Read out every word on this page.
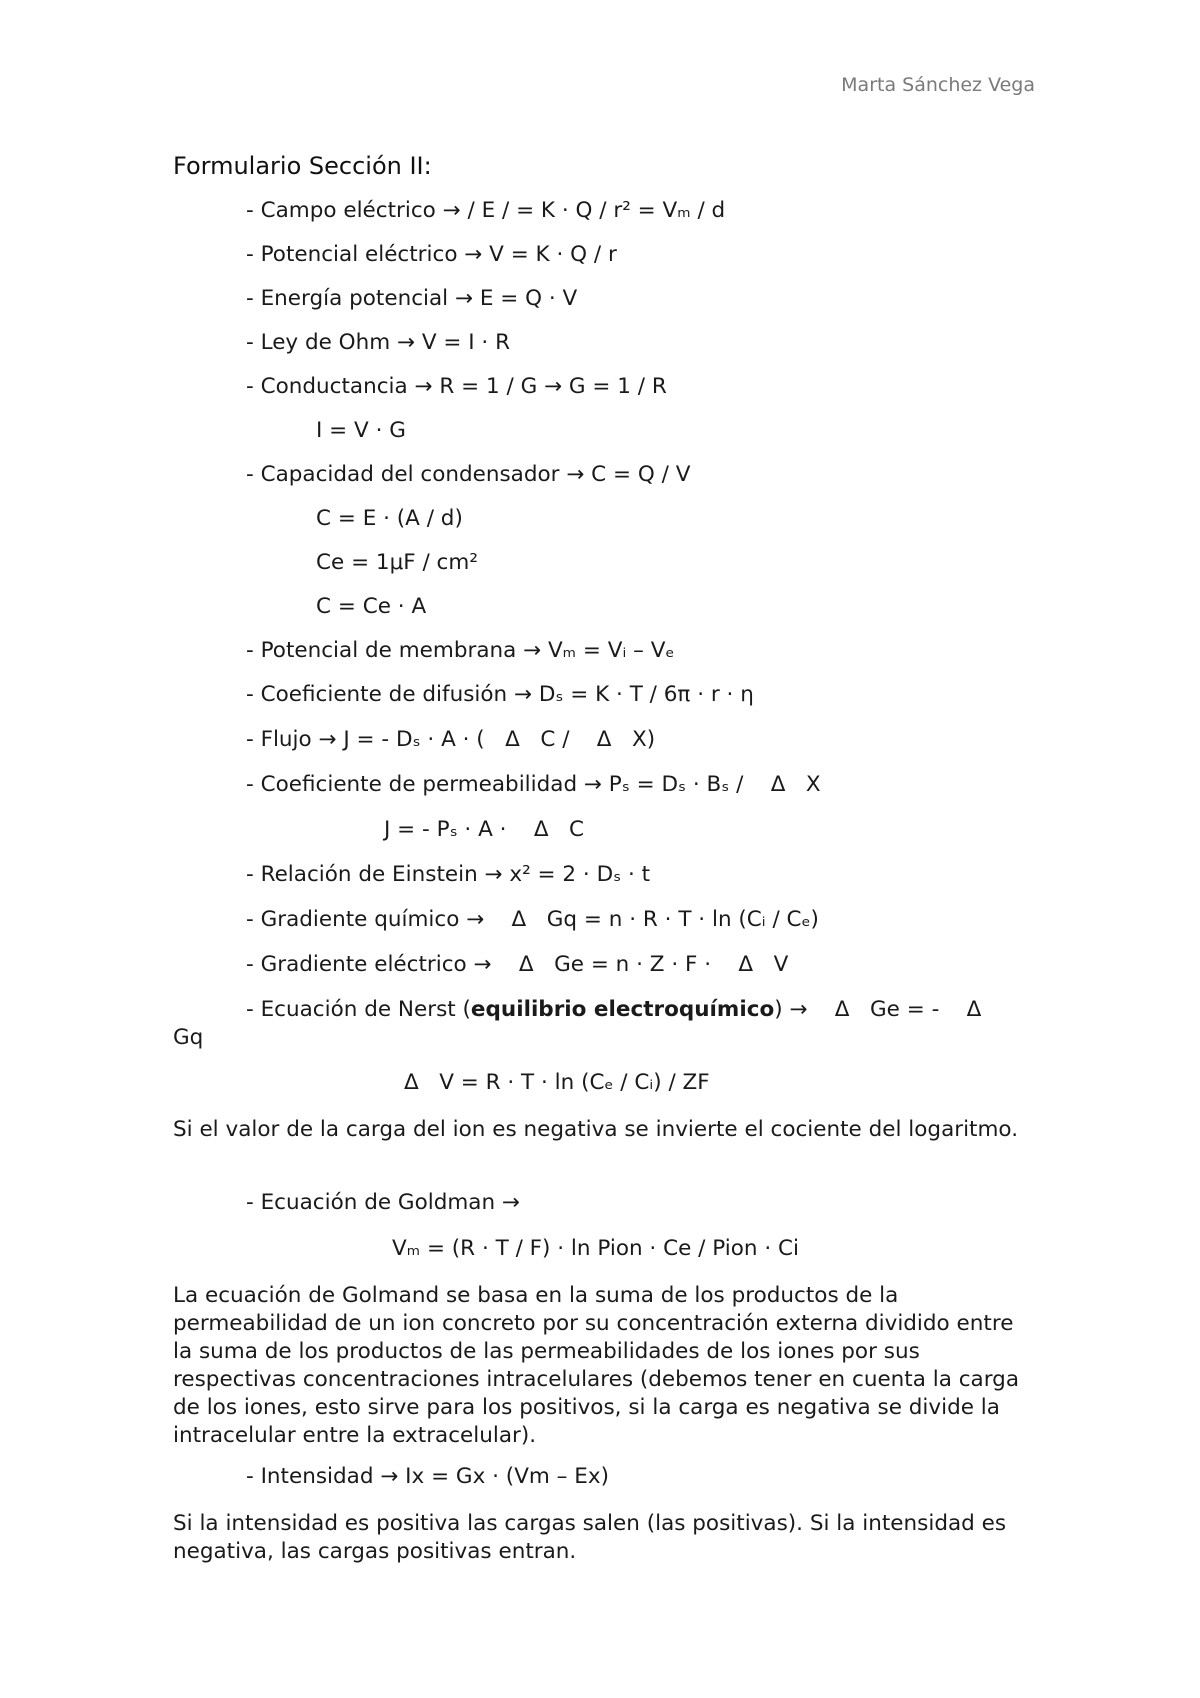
Marta Sánchez Vega
Formulario Sección II:
- Campo eléctrico → / E / = K · Q / r² = Vₘ / d
- Potencial eléctrico → V = K · Q / r
- Energía potencial → E = Q · V
- Ley de Ohm → V = I · R
- Conductancia → R = 1 / G → G = 1 / R
I = V · G
- Capacidad del condensador → C = Q / V
C = E · (A / d)
Ce = 1μF / cm²
C = Ce · A
- Potencial de membrana → Vₘ = Vᵢ – Vₑ
- Coeficiente de difusión → Dₛ = K · T / 6π · r · η
- Flujo → J = - Dₛ · A · (   Δ   C /    Δ   X)
- Coeficiente de permeabilidad → Pₛ = Dₛ · Bₛ /    Δ   X
J = - Pₛ · A ·    Δ   C
- Relación de Einstein → x² = 2 · Dₛ · t
- Gradiente químico →    Δ   Gq = n · R · T · ln (Cᵢ / Cₑ)
- Gradiente eléctrico →    Δ   Ge = n · Z · F ·    Δ   V
- Ecuación de Nerst (equilibrio electroquímico) →    Δ   Ge = -    Δ
Gq
Δ   V = R · T · ln (Cₑ / Cᵢ) / ZF
Si el valor de la carga del ion es negativa se invierte el cociente del logaritmo.
- Ecuación de Goldman →
Vₘ = (R · T / F) · ln Pion · Ce / Pion · Ci
La ecuación de Golmand se basa en la suma de los productos de la permeabilidad de un ion concreto por su concentración externa dividido entre la suma de los productos de las permeabilidades de los iones por sus respectivas concentraciones intracelulares (debemos tener en cuenta la carga de los iones, esto sirve para los positivos, si la carga es negativa se divide la intracelular entre la extracelular).
- Intensidad → Ix = Gx · (Vm – Ex)
Si la intensidad es positiva las cargas salen (las positivas). Si la intensidad es negativa, las cargas positivas entran.
